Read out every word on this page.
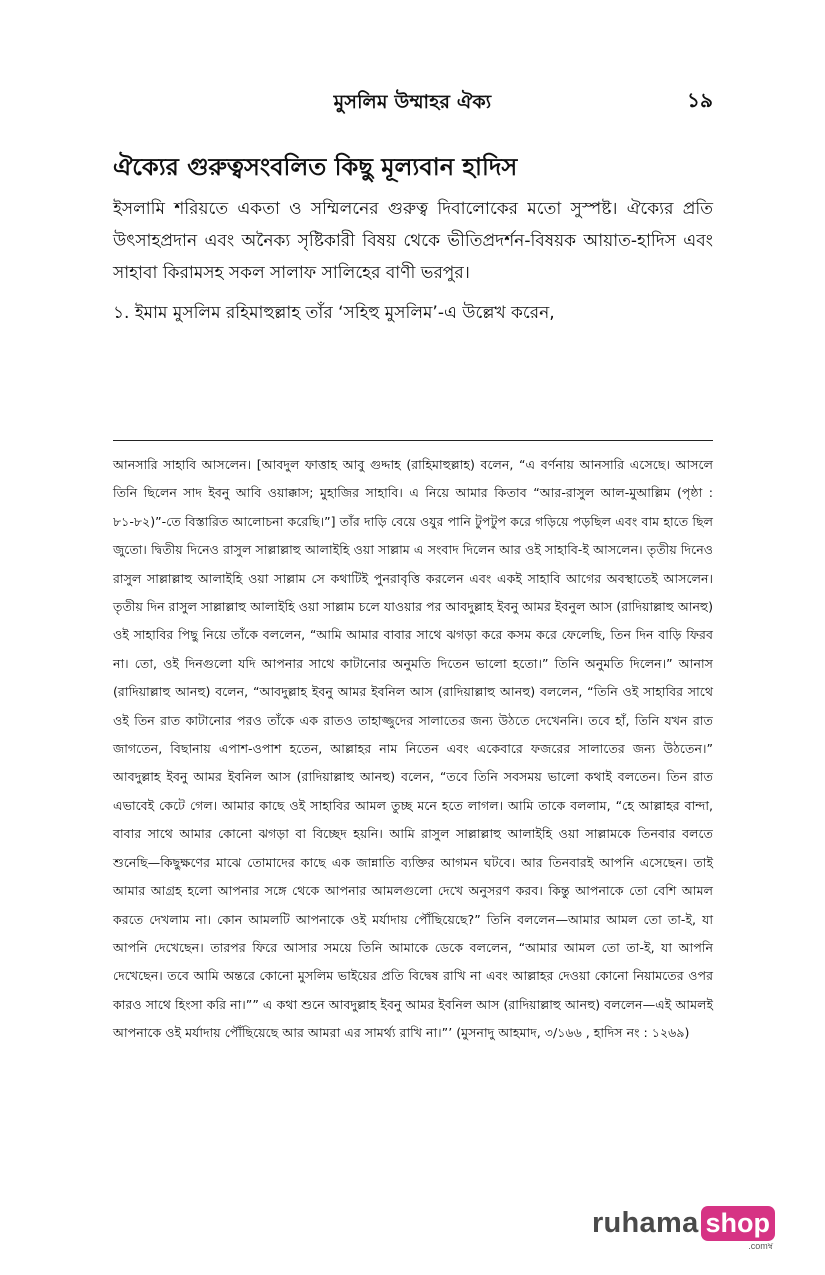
মুসলিম উম্মাহর ঐক্য	১৯
ঐক্যের গুরুত্বসংবলিত কিছু মূল্যবান হাদিস
ইসলামি শরিয়তে একতা ও সম্মিলনের গুরুত্ব দিবালোকের মতো সুস্পষ্ট। ঐক্যের প্রতি উৎসাহপ্রদান এবং অনৈক্য সৃষ্টিকারী বিষয় থেকে ভীতিপ্রদর্শন-বিষয়ক আয়াত-হাদিস এবং সাহাবা কিরামসহ সকল সালাফ সালিহের বাণী ভরপুর।
১. ইমাম মুসলিম রহিমাহুল্লাহ তাঁর ‘সহিহু মুসলিম’-এ উল্লেখ করেন,
আনসারি সাহাবি আসলেন। [আবদুল ফাত্তাহ আবু গুদ্দাহ (রাহিমাহুল্লাহ) বলেন, “এ বর্ণনায় আনসারি এসেছে। আসলে তিনি ছিলেন সাদ ইবনু আবি ওয়াক্কাস; মুহাজির সাহাবি। এ নিয়ে আমার কিতাব “আর-রাসুল আল-মুআল্লিম (পৃষ্ঠা : ৮১-৮২)”-তে বিস্তারিত আলোচনা করেছি।”] তাঁর দাড়ি বেয়ে ওযুর পানি টুপটুপ করে গড়িয়ে পড়ছিল এবং বাম হাতে ছিল জুতো। দ্বিতীয় দিনেও রাসুল সাল্লাল্লাহু আলাইহি ওয়া সাল্লাম এ সংবাদ দিলেন আর ওই সাহাবি-ই আসলেন। তৃতীয় দিনেও রাসুল সাল্লাল্লাহু আলাইহি ওয়া সাল্লাম সে কথাটিই পুনরাবৃত্তি করলেন এবং একই সাহাবি আগের অবস্থাতেই আসলেন। তৃতীয় দিন রাসুল সাল্লাল্লাহু আলাইহি ওয়া সাল্লাম চলে যাওয়ার পর আবদুল্লাহ ইবনু আমর ইবনুল আস (রাদিয়াল্লাহু আনহু) ওই সাহাবির পিছু নিয়ে তাঁকে বললেন, “আমি আমার বাবার সাথে ঝগড়া করে কসম করে ফেলেছি, তিন দিন বাড়ি ফিরব না। তো, ওই দিনগুলো যদি আপনার সাথে কাটানোর অনুমতি দিতেন ভালো হতো।” তিনি অনুমতি দিলেন।” আনাস (রাদিয়াল্লাহু আনহু) বলেন, “আবদুল্লাহ ইবনু আমর ইবনিল আস (রাদিয়াল্লাহু আনহু) বললেন, “তিনি ওই সাহাবির সাথে ওই তিন রাত কাটানোর পরও তাঁকে এক রাতও তাহাজ্জুদের সালাতের জন্য উঠতে দেখেননি। তবে হাঁ, তিনি যখন রাত জাগতেন, বিছানায় এপাশ-ওপাশ হতেন, আল্লাহর নাম নিতেন এবং একেবারে ফজরের সালাতের জন্য উঠতেন।” আবদুল্লাহ ইবনু আমর ইবনিল আস (রাদিয়াল্লাহু আনহু) বলেন, “তবে তিনি সবসময় ভালো কথাই বলতেন। তিন রাত এভাবেই কেটে গেল। আমার কাছে ওই সাহাবির আমল তুচ্ছ মনে হতে লাগল। আমি তাকে বললাম, “হে আল্লাহর বান্দা, বাবার সাথে আমার কোনো ঝগড়া বা বিচ্ছেদ হয়নি। আমি রাসুল সাল্লাল্লাহু আলাইহি ওয়া সাল্লামকে তিনবার বলতে শুনেছি—কিছুক্ষণের মাঝে তোমাদের কাছে এক জান্নাতি ব্যক্তির আগমন ঘটবে। আর তিনবারই আপনি এসেছেন। তাই আমার আগ্রহ হলো আপনার সঙ্গে থেকে আপনার আমলগুলো দেখে অনুসরণ করব। কিন্তু আপনাকে তো বেশি আমল করতে দেখলাম না। কোন আমলটি আপনাকে ওই মর্যাদায় পৌঁছিয়েছে?” তিনি বললেন—আমার আমল তো তা-ই, যা আপনি দেখেছেন। তারপর ফিরে আসার সময়ে তিনি আমাকে ডেকে বললেন, “আমার আমল তো তা-ই, যা আপনি দেখেছেন। তবে আমি অন্তরে কোনো মুসলিম ভাইয়ের প্রতি বিদ্বেষ রাখি না এবং আল্লাহর দেওয়া কোনো নিয়ামতের ওপর কারও সাথে হিংসা করি না।”” এ কথা শুনে আবদুল্লাহ ইবনু আমর ইবনিল আস (রাদিয়াল্লাহু আনহু) বললেন—এই আমলই আপনাকে ওই মর্যাদায় পৌঁছিয়েছে আর আমরা এর সামর্থ্য রাখি না।”’ (মুসনাদু আহমাদ, ৩/১৬৬ , হাদিস নং : ১২৬৯)
ruhama shop
.comম্ব
